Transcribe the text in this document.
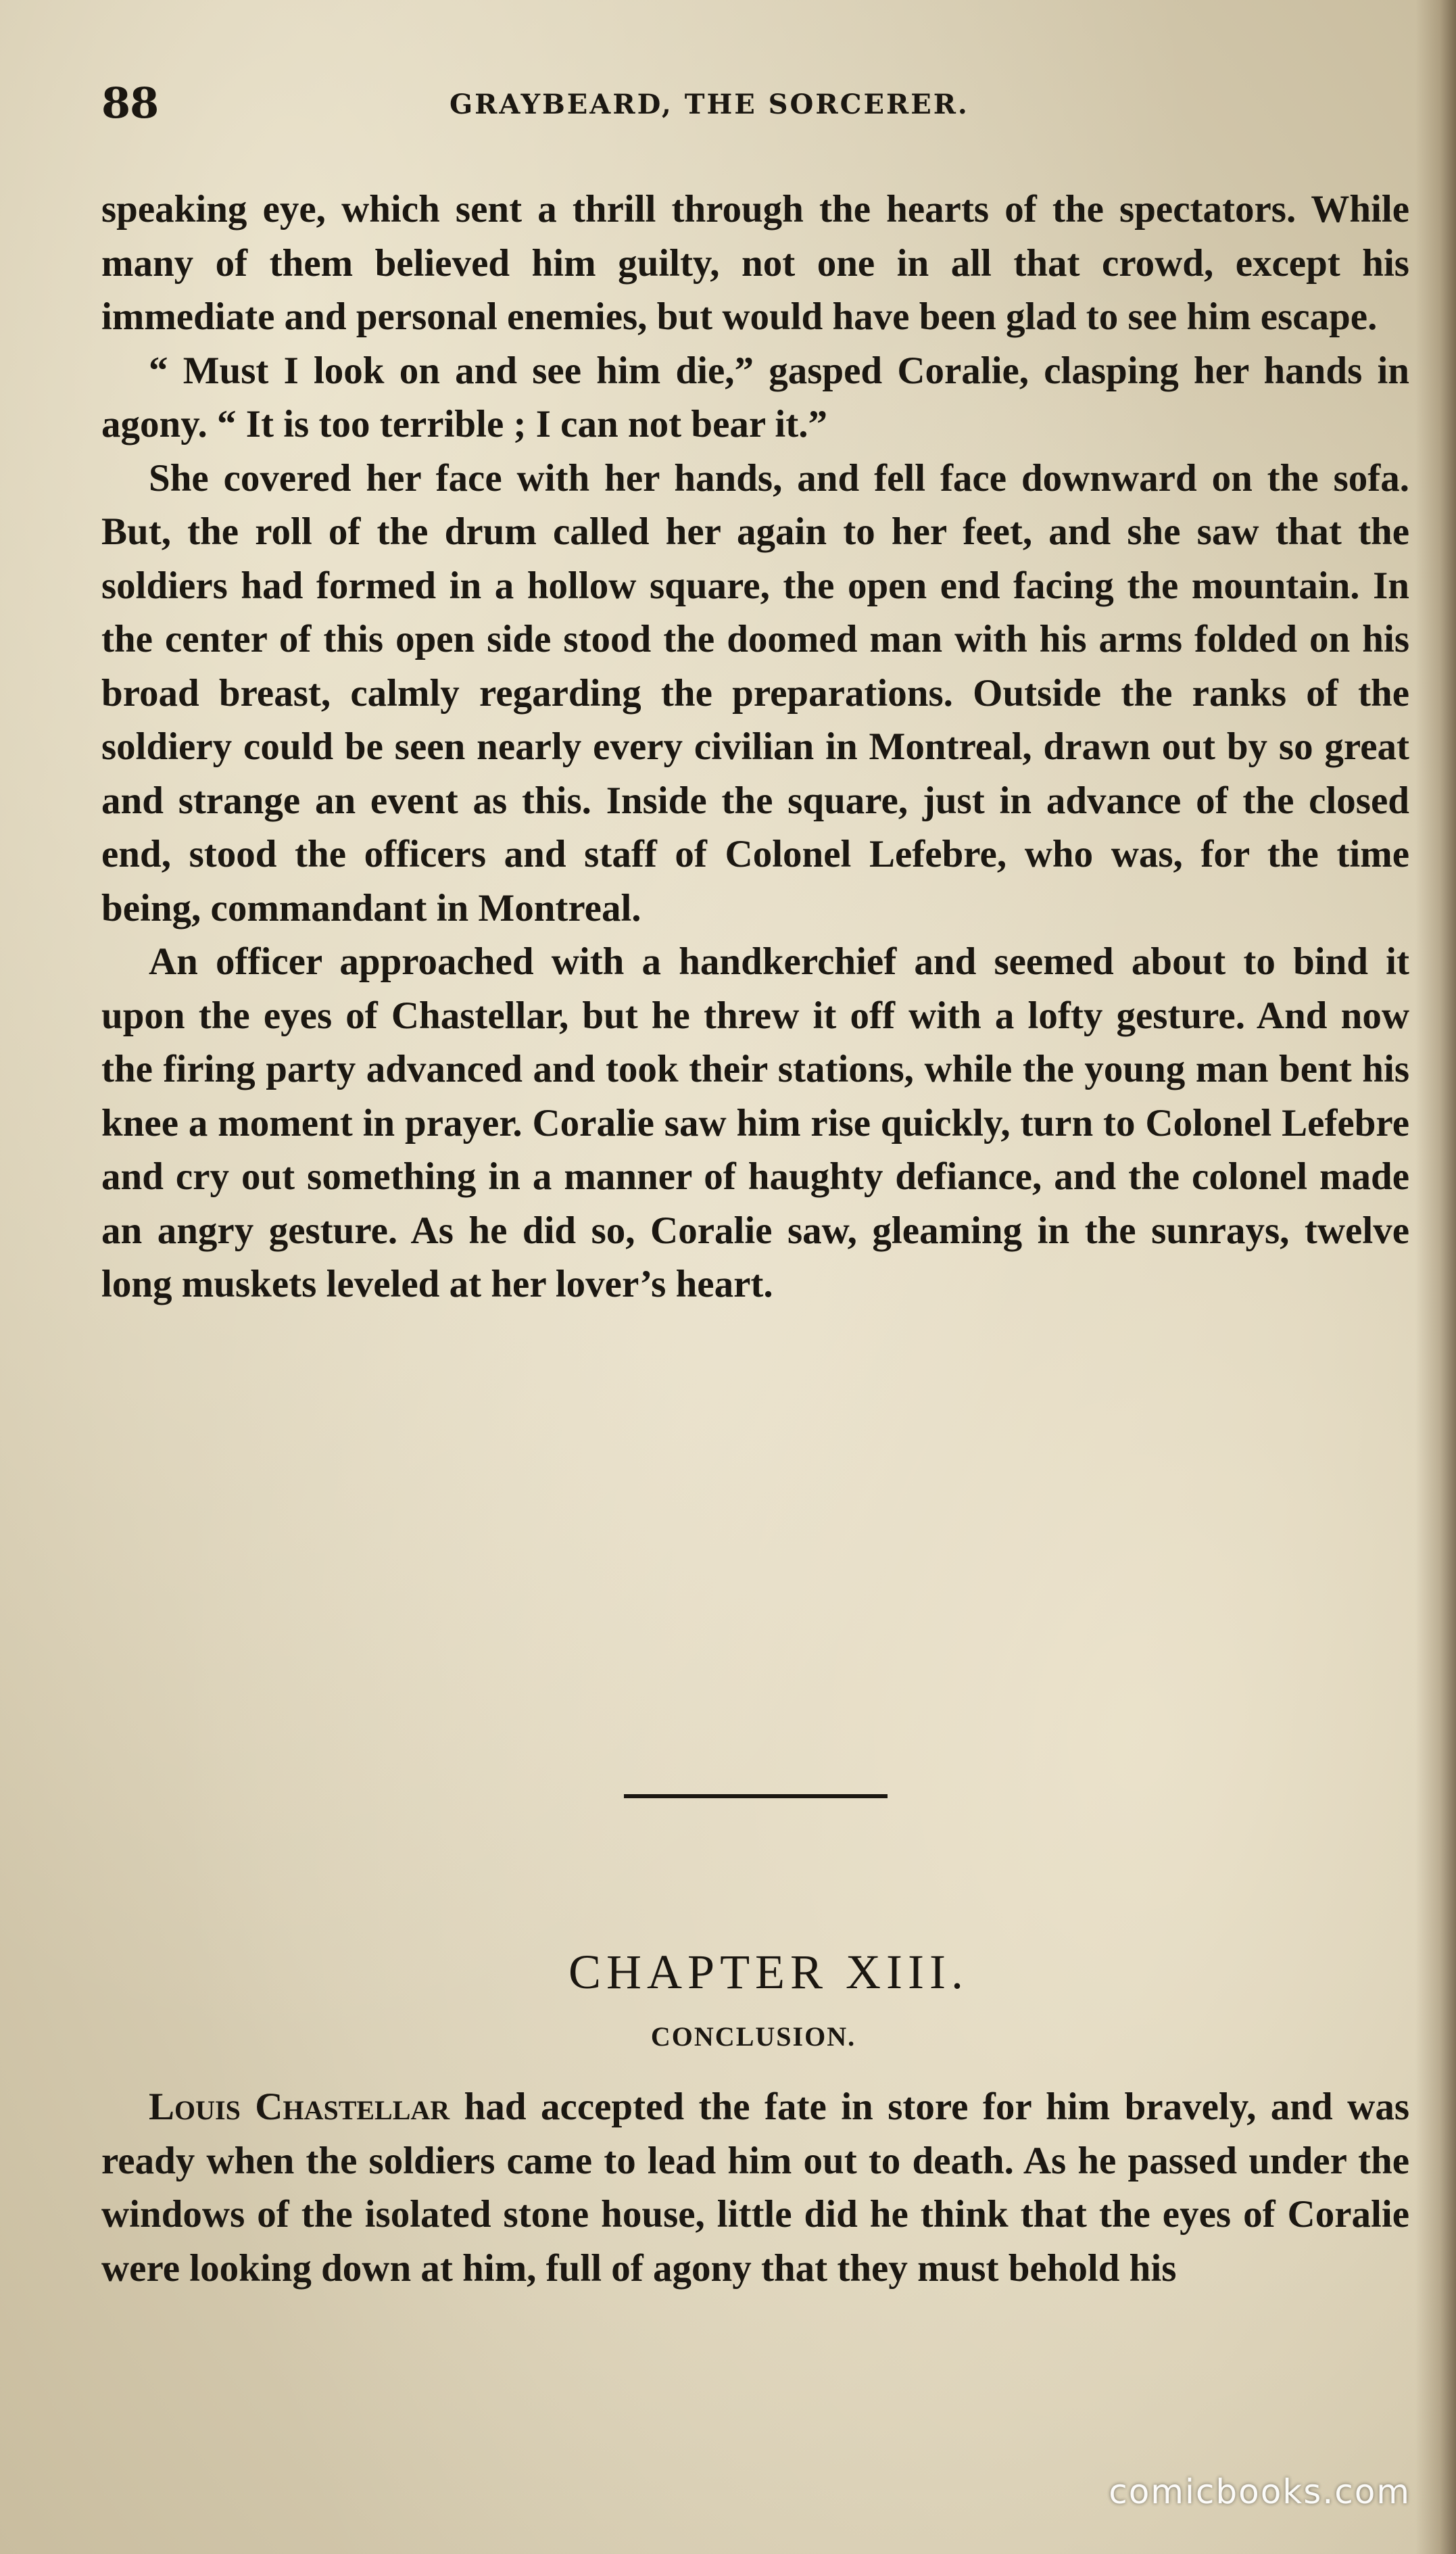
88	GRAYBEARD, THE SORCERER.

speaking eye, which sent a thrill through the hearts of the spectators. While many of them believed him guilty, not one in all that crowd, except his immediate and personal enemies, but would have been glad to see him escape.

“ Must I look on and see him die,” gasped Coralie, clasping her hands in agony. “ It is too terrible ; I can not bear it.”

She covered her face with her hands, and fell face downward on the sofa. But, the roll of the drum called her again to her feet, and she saw that the soldiers had formed in a hollow square, the open end facing the mountain. In the center of this open side stood the doomed man with his arms folded on his broad breast, calmly regarding the preparations. Outside the ranks of the soldiery could be seen nearly every civilian in Montreal, drawn out by so great and strange an event as this. Inside the square, just in advance of the closed end, stood the officers and staff of Colonel Lefebre, who was, for the time being, commandant in Montreal.

An officer approached with a handkerchief and seemed about to bind it upon the eyes of Chastellar, but he threw it off with a lofty gesture. And now the firing party advanced and took their stations, while the young man bent his knee a moment in prayer. Coralie saw him rise quickly, turn to Colonel Lefebre and cry out something in a manner of haughty defiance, and the colonel made an angry gesture. As he did so, Coralie saw, gleaming in the sunrays, twelve long muskets leveled at her lover’s heart.

CHAPTER XIII.
CONCLUSION.

Louis Chastellar had accepted the fate in store for him bravely, and was ready when the soldiers came to lead him out to death. As he passed under the windows of the isolated stone house, little did he think that the eyes of Coralie were looking down at him, full of agony that they must behold his

comicbooks.com
